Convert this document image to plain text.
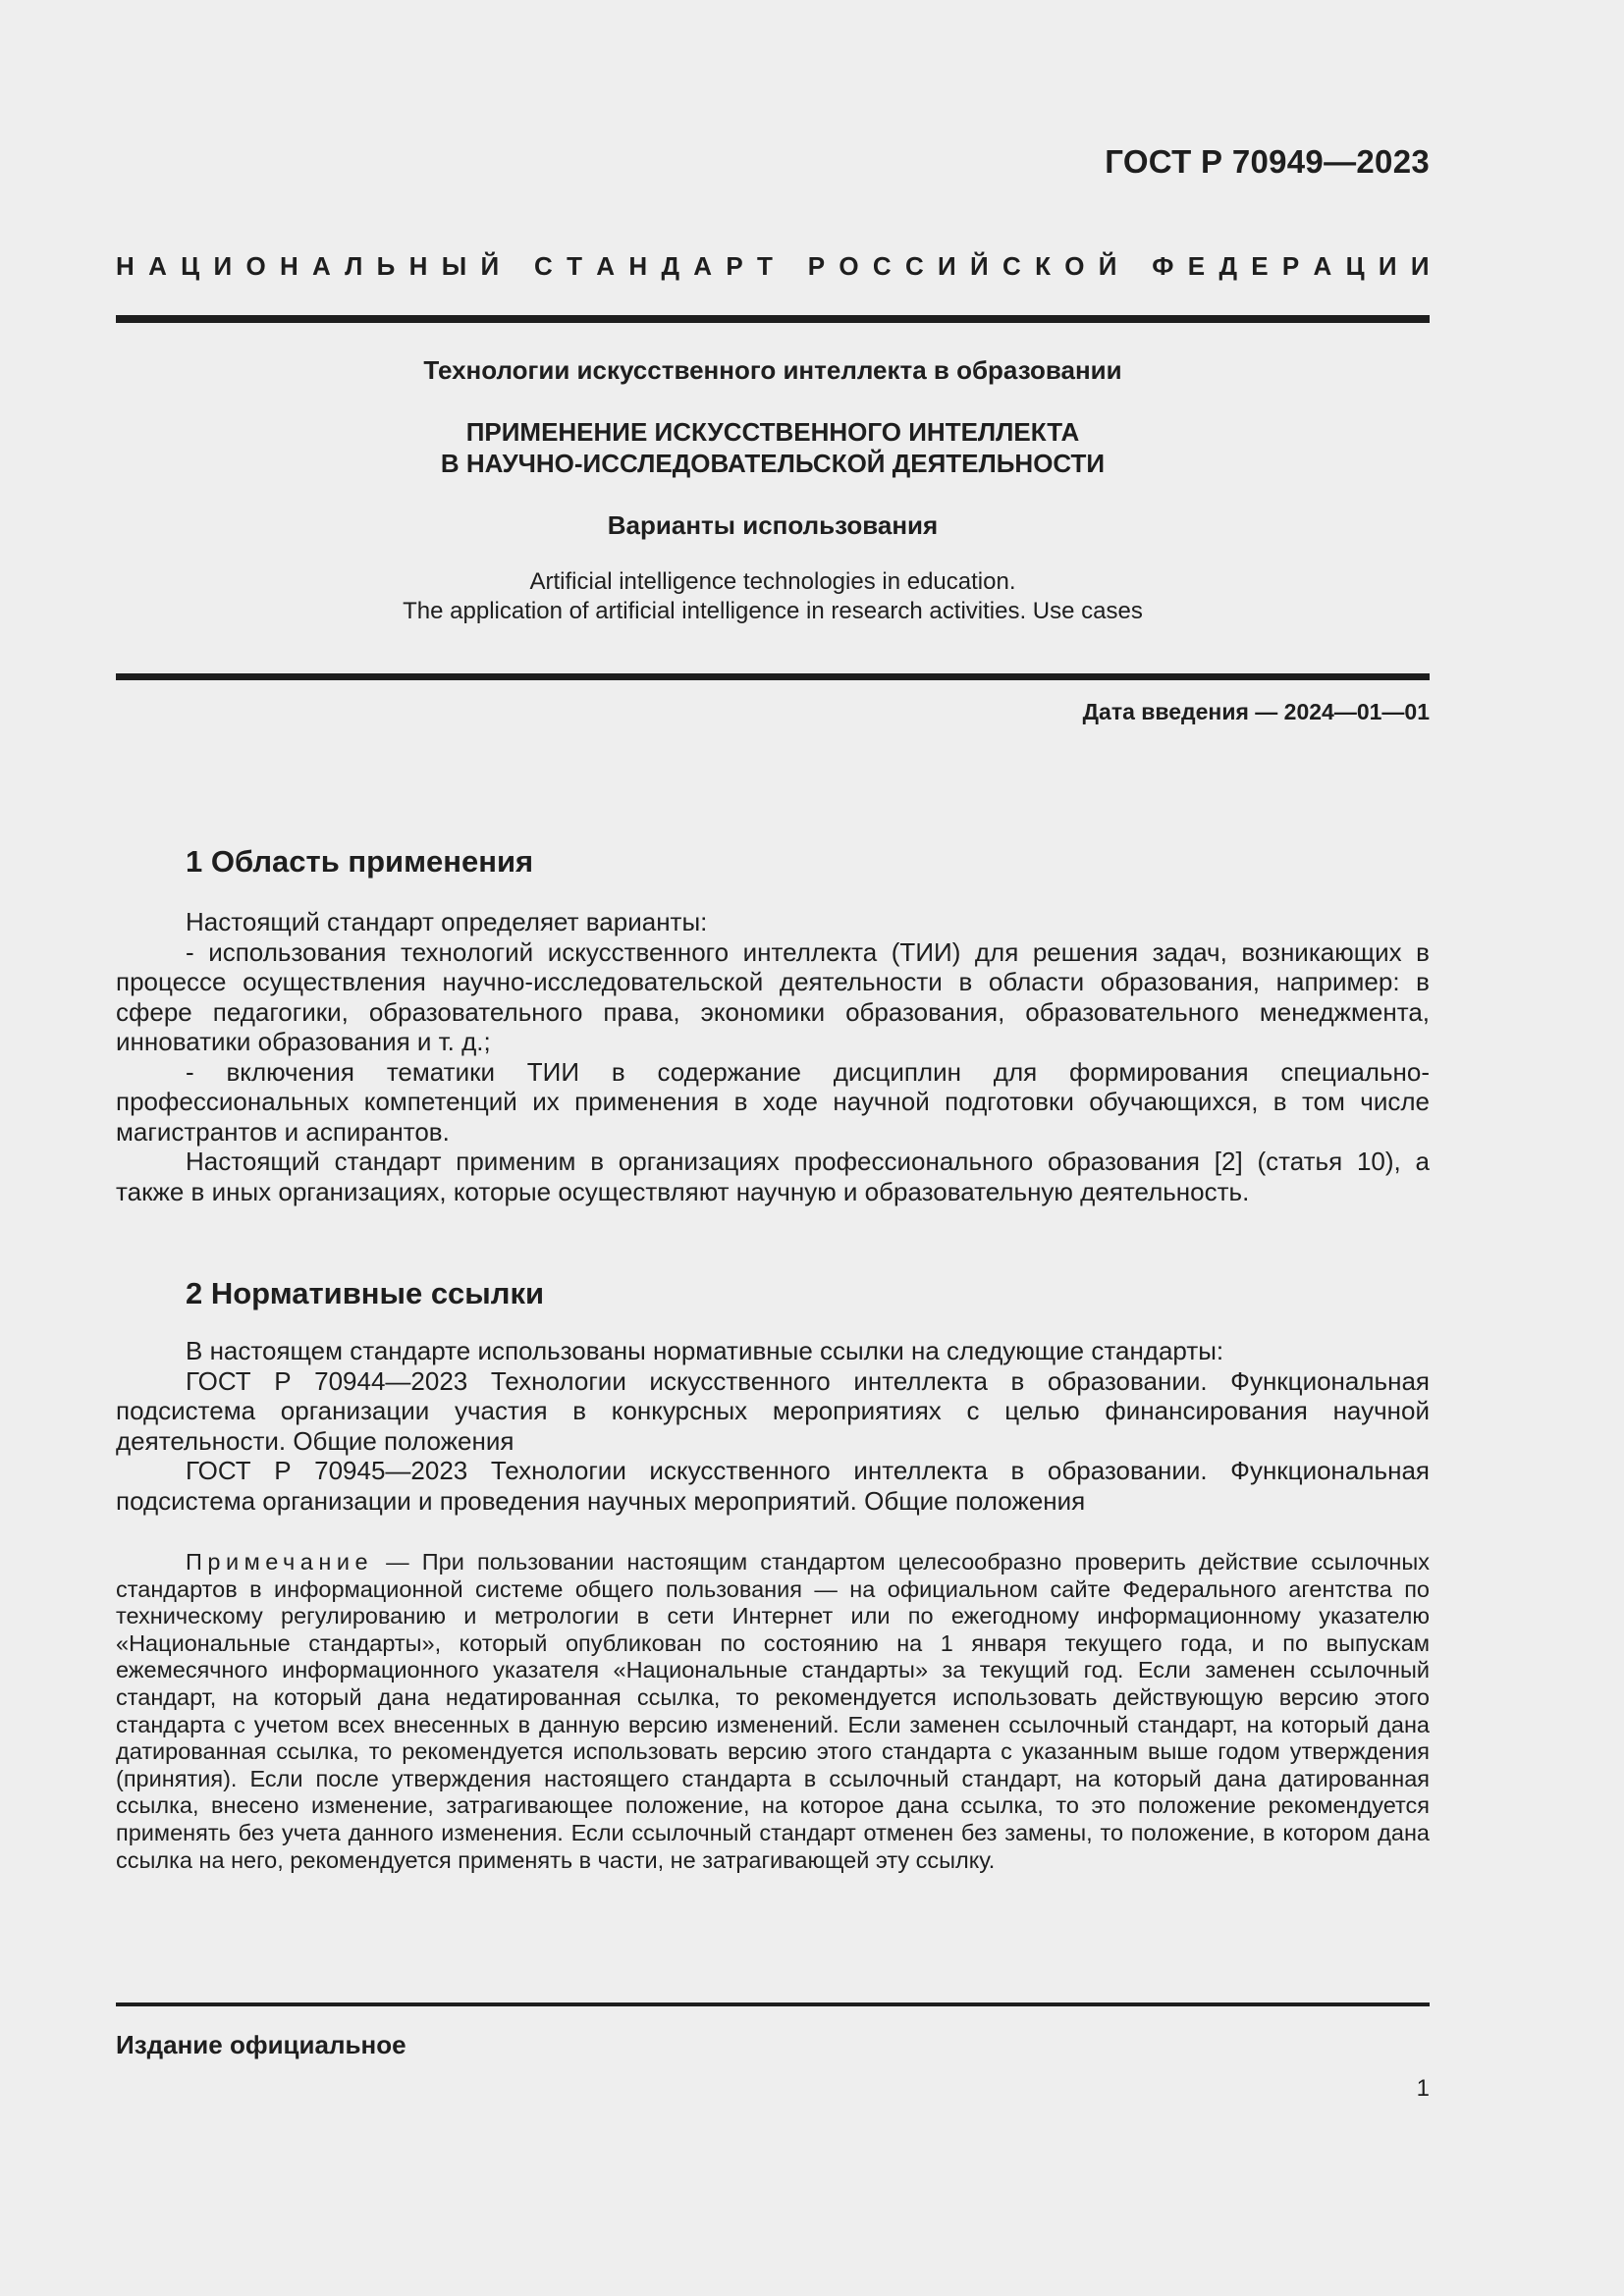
ГОСТ Р 70949—2023
Н А Ц И О Н А Л Ь Н Ы Й
С Т А Н Д А Р Т
Р О С С И Й С К О Й
Ф Е Д Е Р А Ц И И

Технологии искусственного интеллекта в образовании

ПРИМЕНЕНИЕ ИСКУССТВЕННОГО ИНТЕЛЛЕКТА
В НАУЧНО-ИССЛЕДОВАТЕЛЬСКОЙ ДЕЯТЕЛЬНОСТИ

Варианты использования

Artificial intelligence technologies in education.
The application of artificial intelligence in research activities. Use cases

Дата введения — 2024—01—01
1 Область применения

Настоящий стандарт определяет варианты:

- использования технологий искусственного интеллекта (ТИИ) для решения задач, возникающих в процессе осуществления научно-исследовательской деятельности в области образования, например: в сфере педагогики, образовательного права, экономики образования, образовательного менеджмента, инноватики образования и т. д.;

- включения тематики ТИИ в содержание дисциплин для формирования специально-профессиональных компетенций их применения в ходе научной подготовки обучающихся, в том числе магистрантов и аспирантов.

Настоящий стандарт применим в организациях профессионального образования [2] (статья 10), а также в иных организациях, которые осуществляют научную и образовательную деятельность.

2 Нормативные ссылки

В настоящем стандарте использованы нормативные ссылки на следующие стандарты:

ГОСТ Р 70944—2023 Технологии искусственного интеллекта в образовании. Функциональная подсистема организации участия в конкурсных мероприятиях с целью финансирования научной деятельности. Общие положения

ГОСТ Р 70945—2023 Технологии искусственного интеллекта в образовании. Функциональная подсистема организации и проведения научных мероприятий. Общие положения

Примечание — При пользовании настоящим стандартом целесообразно проверить действие ссылочных стандартов в информационной системе общего пользования — на официальном сайте Федерального агентства по техническому регулированию и метрологии в сети Интернет или по ежегодному информационному указателю «Национальные стандарты», который опубликован по состоянию на 1 января текущего года, и по выпускам ежемесячного информационного указателя «Национальные стандарты» за текущий год. Если заменен ссылочный стандарт, на который дана недатированная ссылка, то рекомендуется использовать действующую версию этого стандарта с учетом всех внесенных в данную версию изменений. Если заменен ссылочный стандарт, на который дана датированная ссылка, то рекомендуется использовать версию этого стандарта с указанным выше годом утверждения (принятия). Если после утверждения настоящего стандарта в ссылочный стандарт, на который дана датированная ссылка, внесено изменение, затрагивающее положение, на которое дана ссылка, то это положение рекомендуется применять без учета данного изменения. Если ссылочный стандарт отменен без замены, то положение, в котором дана ссылка на него, рекомендуется применять в части, не затрагивающей эту ссылку.

Издание официальное
1
